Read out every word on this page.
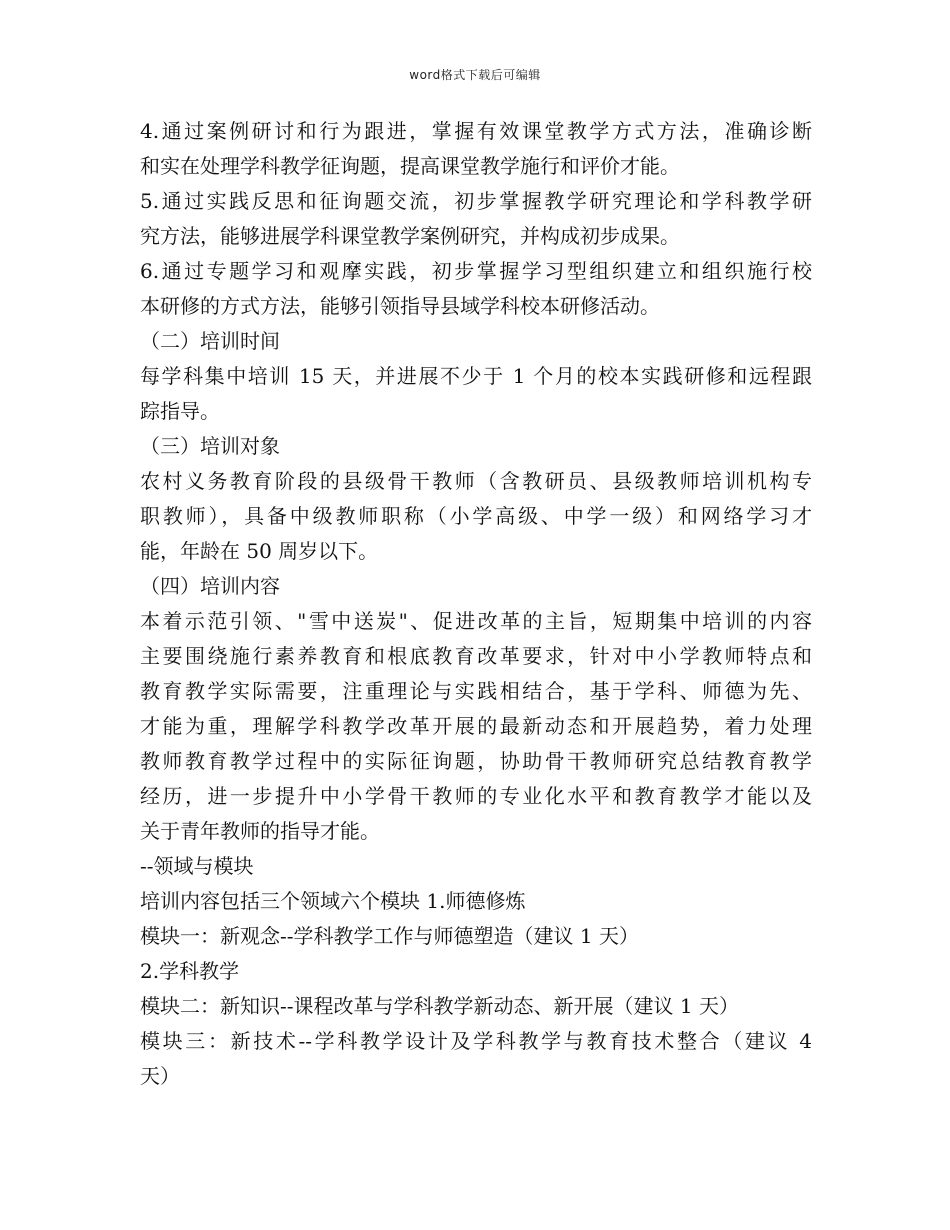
word格式下载后可编辑
4.通过案例研讨和行为跟进，掌握有效课堂教学方式方法，准确诊断
和实在处理学科教学征询题，提高课堂教学施行和评价才能。
5.通过实践反思和征询题交流，初步掌握教学研究理论和学科教学研
究方法，能够进展学科课堂教学案例研究，并构成初步成果。
6.通过专题学习和观摩实践，初步掌握学习型组织建立和组织施行校
本研修的方式方法，能够引领指导县域学科校本研修活动。
（二）培训时间
每学科集中培训 15 天，并进展不少于 1 个月的校本实践研修和远程跟
踪指导。
（三）培训对象
农村义务教育阶段的县级骨干教师（含教研员、县级教师培训机构专
职教师），具备中级教师职称（小学高级、中学一级）和网络学习才
能，年龄在 50 周岁以下。
（四）培训内容
本着示范引领、"雪中送炭"、促进改革的主旨，短期集中培训的内容
主要围绕施行素养教育和根底教育改革要求，针对中小学教师特点和
教育教学实际需要，注重理论与实践相结合，基于学科、师德为先、
才能为重，理解学科教学改革开展的最新动态和开展趋势，着力处理
教师教育教学过程中的实际征询题，协助骨干教师研究总结教育教学
经历，进一步提升中小学骨干教师的专业化水平和教育教学才能以及
关于青年教师的指导才能。
--领域与模块
培训内容包括三个领域六个模块 1.师德修炼
模块一：新观念--学科教学工作与师德塑造（建议 1 天）
2.学科教学
模块二：新知识--课程改革与学科教学新动态、新开展（建议 1 天）
模块三：新技术--学科教学设计及学科教学与教育技术整合（建议 4
天）
